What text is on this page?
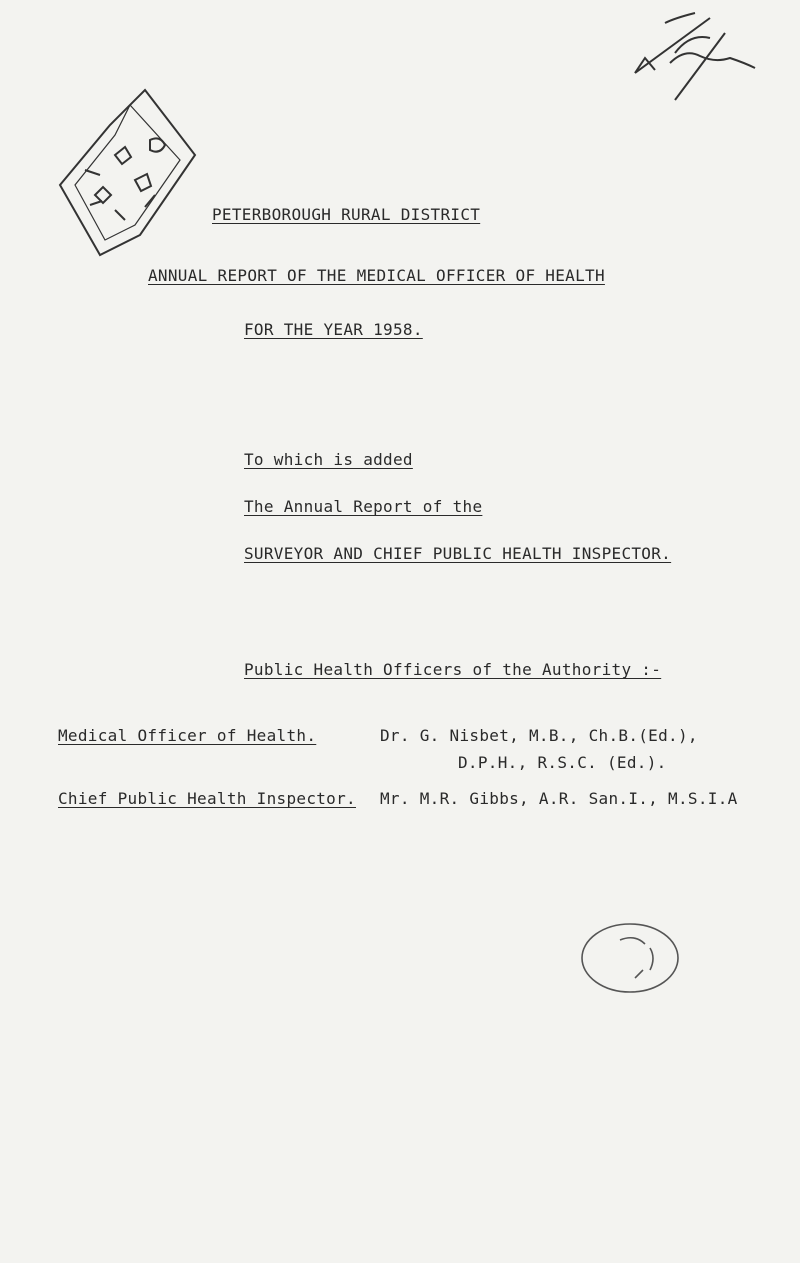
PETERBOROUGH RURAL DISTRICT
ANNUAL REPORT OF THE MEDICAL OFFICER OF HEALTH
FOR THE YEAR 1958.
To which is added
The Annual Report of the
SURVEYOR AND CHIEF PUBLIC HEALTH INSPECTOR.
Public Health Officers of the Authority :-
Medical Officer of Health.	Dr. G. Nisbet, M.B., Ch.B.(Ed.),
D.P.H., R.S.C. (Ed.).
Chief Public Health Inspector. Mr. M.R. Gibbs, A.R. San.I., M.S.I.A
